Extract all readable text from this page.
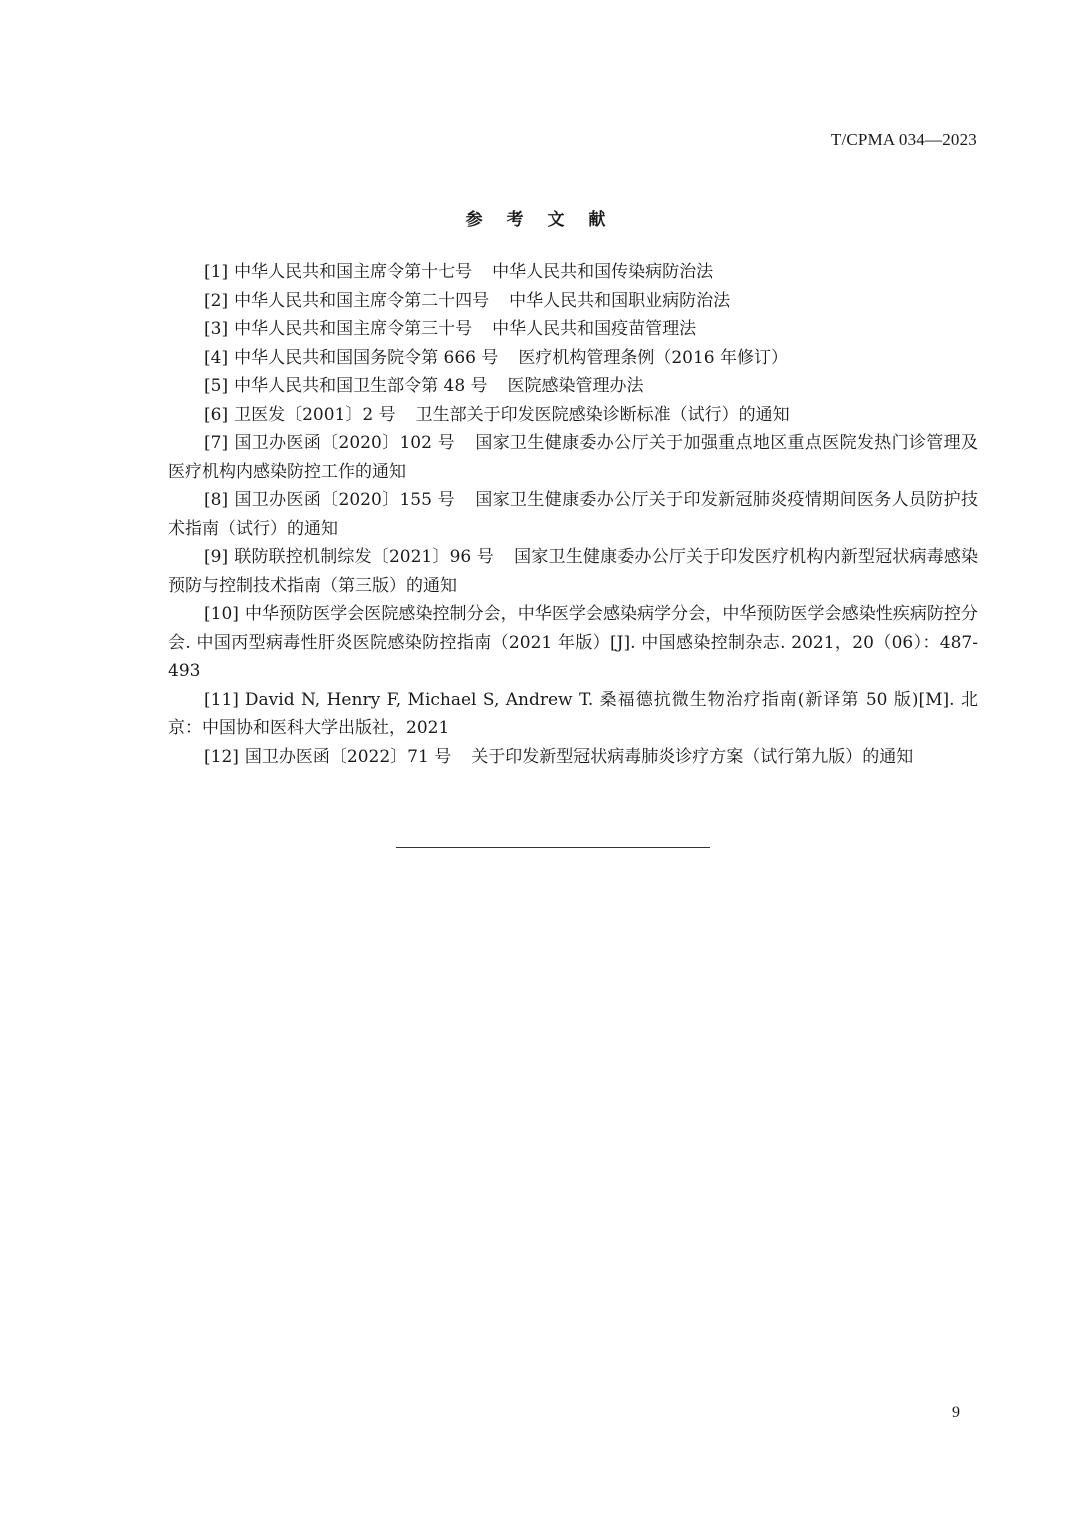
T/CPMA 034—2023
参 考 文 献
[1] 中华人民共和国主席令第十七号 中华人民共和国传染病防治法
[2] 中华人民共和国主席令第二十四号 中华人民共和国职业病防治法
[3] 中华人民共和国主席令第三十号 中华人民共和国疫苗管理法
[4] 中华人民共和国国务院令第 666 号 医疗机构管理条例（2016 年修订）
[5] 中华人民共和国卫生部令第 48 号 医院感染管理办法
[6] 卫医发〔2001〕2 号 卫生部关于印发医院感染诊断标准（试行）的通知
[7] 国卫办医函〔2020〕102 号 国家卫生健康委办公厅关于加强重点地区重点医院发热门诊管理及医疗机构内感染防控工作的通知
[8] 国卫办医函〔2020〕155 号 国家卫生健康委办公厅关于印发新冠肺炎疫情期间医务人员防护技术指南（试行）的通知
[9] 联防联控机制综发〔2021〕96 号 国家卫生健康委办公厅关于印发医疗机构内新型冠状病毒感染预防与控制技术指南（第三版）的通知
[10] 中华预防医学会医院感染控制分会，中华医学会感染病学分会，中华预防医学会感染性疾病防控分会. 中国丙型病毒性肝炎医院感染防控指南（2021 年版）[J]. 中国感染控制杂志. 2021，20（06）：487-493
[11] David N, Henry F, Michael S, Andrew T. 桑福德抗微生物治疗指南(新译第 50 版)[M]. 北京：中国协和医科大学出版社，2021
[12] 国卫办医函〔2022〕71 号 关于印发新型冠状病毒肺炎诊疗方案（试行第九版）的通知
9
